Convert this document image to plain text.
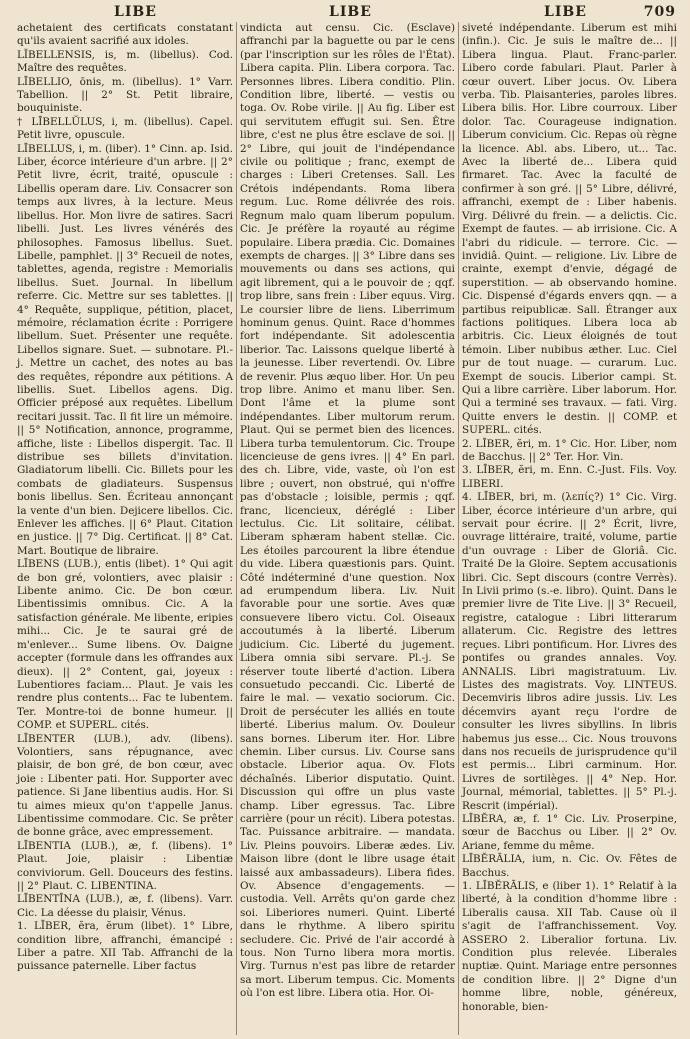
LIBE	LIBE	LIBE	709

achetaient des certificats constatant qu'ils avaient sacrifié aux idoles.

LĬBELLENSIS, is, m. (libellus). Cod. Maître des requêtes.

LĪBELLIO, ōnis, m. (libellus). 1° Varr. Tabellion. || 2° St. Petit libraire, bouquiniste.

† LĪBELLŬLUS, i, m. (libellus). Capel. Petit livre, opuscule.

LĪBELLUS, i, m. (liber). 1° Cinn. ap. Isid. Liber, écorce intérieure d'un arbre. || 2° Petit livre, écrit, traité, opuscule : Libellis operam dare. Liv. Consacrer son temps aux livres, à la lecture. Meus libellus. Hor. Mon livre de satires. Sacri libelli. Just. Les livres vénérés des philosophes. Famosus libellus. Suet. Libelle, pamphlet. || 3° Recueil de notes, tablettes, agenda, registre : Memorialis libellus. Suet. Journal. In libellum referre. Cic. Mettre sur ses tablettes. || 4° Requête, supplique, pétition, placet, mémoire, réclamation écrite : Porrigere libellum. Suet. Présenter une requête. Libellos signare. Suet. — subnotare. Pl.-j. Mettre un cachet, des notes au bas des requêtes, répondre aux pétitions. A libellis. Suet. Libellos agens. Dig. Officier préposé aux requêtes. Libellum recitari jussit. Tac. Il fit lire un mémoire. || 5° Notification, annonce, programme, affiche, liste : Libellos dispergit. Tac. Il distribue ses billets d'invitation. Gladiatorum libelli. Cic. Billets pour les combats de gladiateurs. Suspensus bonis libellus. Sen. Écriteau annonçant la vente d'un bien. Dejicere libellos. Cic. Enlever les affiches. || 6° Plaut. Citation en justice. || 7° Dig. Certificat. || 8° Cat. Mart. Boutique de libraire.

LĪBENS (LUB.), entis (libet). 1° Qui agit de bon gré, volontiers, avec plaisir : Libente animo. Cic. De bon cœur. Libentissimis omnibus. Cic. A la satisfaction générale. Me libente, eripies mihi... Cic. Je te saurai gré de m'enlever... Sume libens. Ov. Daigne accepter (formule dans les offrandes aux dieux). || 2° Content, gai, joyeux : Lubentiores faciam... Plaut. Je vais les rendre plus contents... Fac te lubentem. Ter. Montre-toi de bonne humeur. || COMP. et SUPERL. cités.

LĪBENTER (LUB.), adv. (libens). Volontiers, sans répugnance, avec plaisir, de bon gré, de bon cœur, avec joie : Libenter pati. Hor. Supporter avec patience. Si Jane libentius audis. Hor. Si tu aimes mieux qu'on t'appelle Janus. Libentissime commodare. Cic. Se prêter de bonne grâce, avec empressement.

LĪBENTIA (LUB.), æ, f. (libens). 1° Plaut. Joie, plaisir : Libentiæ conviviorum. Gell. Douceurs des festins. || 2° Plaut. C. LIBENTINA.

LĪBENTĪNA (LUB.), æ, f. (libens). Varr. Cic. La déesse du plaisir, Vénus.

1. LĪBER, ĕra, ĕrum (libet). 1° Libre, condition libre, affranchi, émancipé : Liber a patre. XII Tab. Affranchi de la puissance paternelle. Liber factus

vindicta aut censu. Cic. (Esclave) affranchi par la baguette ou par le cens (par l'inscription sur les rôles de l'État). Libera capita. Plin. Libera corpora. Tac. Personnes libres. Libera conditio. Plin. Condition libre, liberté. — vestis ou toga. Ov. Robe virile. || Au fig. Liber est qui servitutem effugit sui. Sen. Être libre, c'est ne plus être esclave de soi. || 2° Libre, qui jouit de l'indépendance civile ou politique ; franc, exempt de charges : Liberi Cretenses. Sall. Les Crétois indépendants. Roma libera regum. Luc. Rome délivrée des rois. Regnum malo quam liberum populum. Cic. Je préfère la royauté au régime populaire. Libera prædia. Cic. Domaines exempts de charges. || 3° Libre dans ses mouvements ou dans ses actions, qui agit librement, qui a le pouvoir de ; qqf. trop libre, sans frein : Liber equus. Virg. Le coursier libre de liens. Liberrimum hominum genus. Quint. Race d'hommes fort indépendante. Sit adolescentia liberior. Tac. Laissons quelque liberté à la jeunesse. Liber revertendi. Ov. Libre de revenir. Plus æquo liber. Hor. Un peu trop libre. Animo et manu liber. Sen. Dont l'âme et la plume sont indépendantes. Liber multorum rerum. Plaut. Qui se permet bien des licences. Libera turba temulentorum. Cic. Troupe licencieuse de gens ivres. || 4° En parl. des ch. Libre, vide, vaste, où l'on est libre ; ouvert, non obstrué, qui n'offre pas d'obstacle ; loisible, permis ; qqf. franc, licencieux, déréglé : Liber lectulus. Cic. Lit solitaire, célibat. Liberam sphæram habent stellæ. Cic. Les étoiles parcourent la libre étendue du vide. Libera quæstionis pars. Quint. Côté indéterminé d'une question. Nox ad erumpendum libera. Liv. Nuit favorable pour une sortie. Aves quæ consuevere libero victu. Col. Oiseaux accoutumés à la liberté. Liberum judicium. Cic. Liberté du jugement. Libera omnia sibi servare. Pl.-j. Se réserver toute liberté d'action. Libera consuetudo peccandi. Cic. Liberté de faire le mal. — vexatio sociorum. Cic. Droit de persécuter les alliés en toute liberté. Liberius malum. Ov. Douleur sans bornes. Liberum iter. Hor. Libre chemin. Liber cursus. Liv. Course sans obstacle. Liberior aqua. Ov. Flots déchaînés. Liberior disputatio. Quint. Discussion qui offre un plus vaste champ. Liber egressus. Tac. Libre carrière (pour un récit). Libera potestas. Tac. Puissance arbitraire. — mandata. Liv. Pleins pouvoirs. Liberæ ædes. Liv. Maison libre (dont le libre usage était laissé aux ambassadeurs). Libera fides. Ov. Absence d'engagements. — custodia. Vell. Arrêts qu'on garde chez soi. Liberiores numeri. Quint. Liberté dans le rhythme. A libero spiritu secludere. Cic. Privé de l'air accordé à tous. Non Turno libera mora mortis. Virg. Turnus n'est pas libre de retarder sa mort. Liberum tempus. Cic. Moments où l'on est libre. Libera otia. Hor. Oi-

siveté indépendante. Liberum est mihi (infin.). Cic. Je suis le maître de... || Libera lingua. Plaut. Franc-parler. Libero corde fabulari. Plaut. Parler à cœur ouvert. Liber jocus. Ov. Libera verba. Tib. Plaisanteries, paroles libres. Libera bilis. Hor. Libre courroux. Liber dolor. Tac. Courageuse indignation. Liberum convicium. Cic. Repas où règne la licence. Abl. abs. Libero, ut... Tac. Avec la liberté de... Libera quid firmaret. Tac. Avec la faculté de confirmer à son gré. || 5° Libre, délivré, affranchi, exempt de : Liber habenis. Virg. Délivré du frein. — a delictis. Cic. Exempt de fautes. — ab irrisione. Cic. A l'abri du ridicule. — terrore. Cic. — invidiâ. Quint. — religione. Liv. Libre de crainte, exempt d'envie, dégagé de superstition. — ab observando homine. Cic. Dispensé d'égards envers qqn. — a partibus reipublicæ. Sall. Étranger aux factions politiques. Libera loca ab arbitris. Cic. Lieux éloignés de tout témoin. Liber nubibus æther. Luc. Ciel pur de tout nuage. — curarum. Luc. Exempt de soucis. Liberior campi. St. Qui a libre carrière. Liber laborum. Hor. Qui a terminé ses travaux. — fati. Virg. Quitte envers le destin. || COMP. et SUPERL. cités.

2. LĪBER, ĕri, m. 1° Cic. Hor. Liber, nom de Bacchus. || 2° Ter. Hor. Vin.

3. LĪBER, ĕri, m. Enn. C.-Just. Fils. Voy. LIBERI.

4. LĪBER, bri, m. (λεπίς?) 1° Cic. Virg. Liber, écorce intérieure d'un arbre, qui servait pour écrire. || 2° Écrit, livre, ouvrage littéraire, traité, volume, partie d'un ouvrage : Liber de Gloriâ. Cic. Traité De la Gloire. Septem accusationis libri. Cic. Sept discours (contre Verrès). In Livii primo (s.-e. libro). Quint. Dans le premier livre de Tite Live. || 3° Recueil, registre, catalogue : Libri litterarum allaterum. Cic. Registre des lettres reçues. Libri pontificum. Hor. Livres des pontifes ou grandes annales. Voy. ANNALIS. Libri magistratuum. Liv. Listes des magistrats. Voy. LINTEUS. Decemviris libros adire jussis. Liv. Les décemvirs ayant reçu l'ordre de consulter les livres sibyllins. In libris habemus jus esse... Cic. Nous trouvons dans nos recueils de jurisprudence qu'il est permis... Libri carminum. Hor. Livres de sortilèges. || 4° Nep. Hor. Journal, mémorial, tablettes. || 5° Pl.-j. Rescrit (impérial).

LĪBĔRA, æ, f. 1° Cic. Liv. Proserpine, sœur de Bacchus ou Liber. || 2° Ov. Ariane, femme du même.

LĪBĔRĀLIA, ium, n. Cic. Ov. Fêtes de Bacchus.

1. LĪBĔRĀLIS, e (liber 1). 1° Relatif à la liberté, à la condition d'homme libre : Liberalis causa. XII Tab. Cause où il s'agit de l'affranchissement. Voy. ASSERO 2. Liberalior fortuna. Liv. Condition plus relevée. Liberales nuptiæ. Quint. Mariage entre personnes de condition libre. || 2° Digne d'un homme libre, noble, généreux, honorable, bien-
